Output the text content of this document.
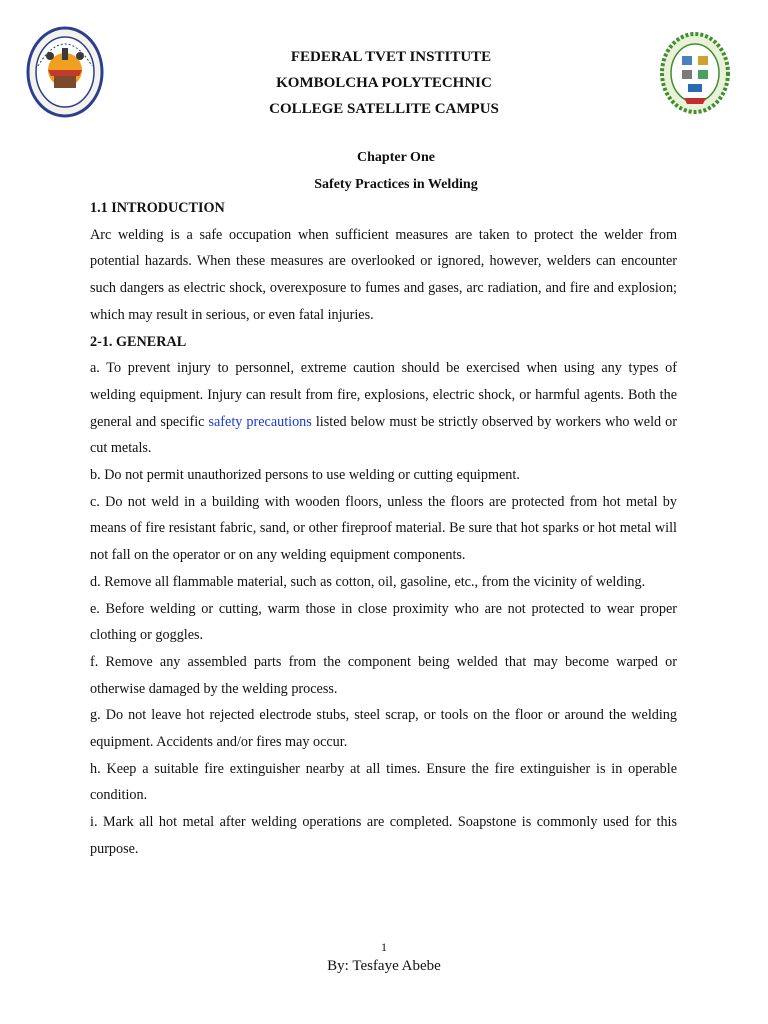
FEDERAL TVET INSTITUTE
KOMBOLCHA POLYTECHNIC
COLLEGE SATELLITE CAMPUS
Chapter One
Safety Practices in Welding
1.1 INTRODUCTION

Arc welding is a safe occupation when sufficient measures are taken to protect the welder from potential hazards. When these measures are overlooked or ignored, however, welders can encounter such dangers as electric shock, overexposure to fumes and gases, arc radiation, and fire and explosion; which may result in serious, or even fatal injuries.

2-1. GENERAL

a. To prevent injury to personnel, extreme caution should be exercised when using any types of welding equipment. Injury can result from fire, explosions, electric shock, or harmful agents. Both the general and specific safety precautions listed below must be strictly observed by workers who weld or cut metals.

b. Do not permit unauthorized persons to use welding or cutting equipment.

c. Do not weld in a building with wooden floors, unless the floors are protected from hot metal by means of fire resistant fabric, sand, or other fireproof material. Be sure that hot sparks or hot metal will not fall on the operator or on any welding equipment components.

d. Remove all flammable material, such as cotton, oil, gasoline, etc., from the vicinity of welding.

e. Before welding or cutting, warm those in close proximity who are not protected to wear proper clothing or goggles.

f. Remove any assembled parts from the component being welded that may become warped or otherwise damaged by the welding process.

g. Do not leave hot rejected electrode stubs, steel scrap, or tools on the floor or around the welding equipment. Accidents and/or fires may occur.

h. Keep a suitable fire extinguisher nearby at all times. Ensure the fire extinguisher is in operable condition.

i. Mark all hot metal after welding operations are completed. Soapstone is commonly used for this purpose.

1
By: Tesfaye Abebe
